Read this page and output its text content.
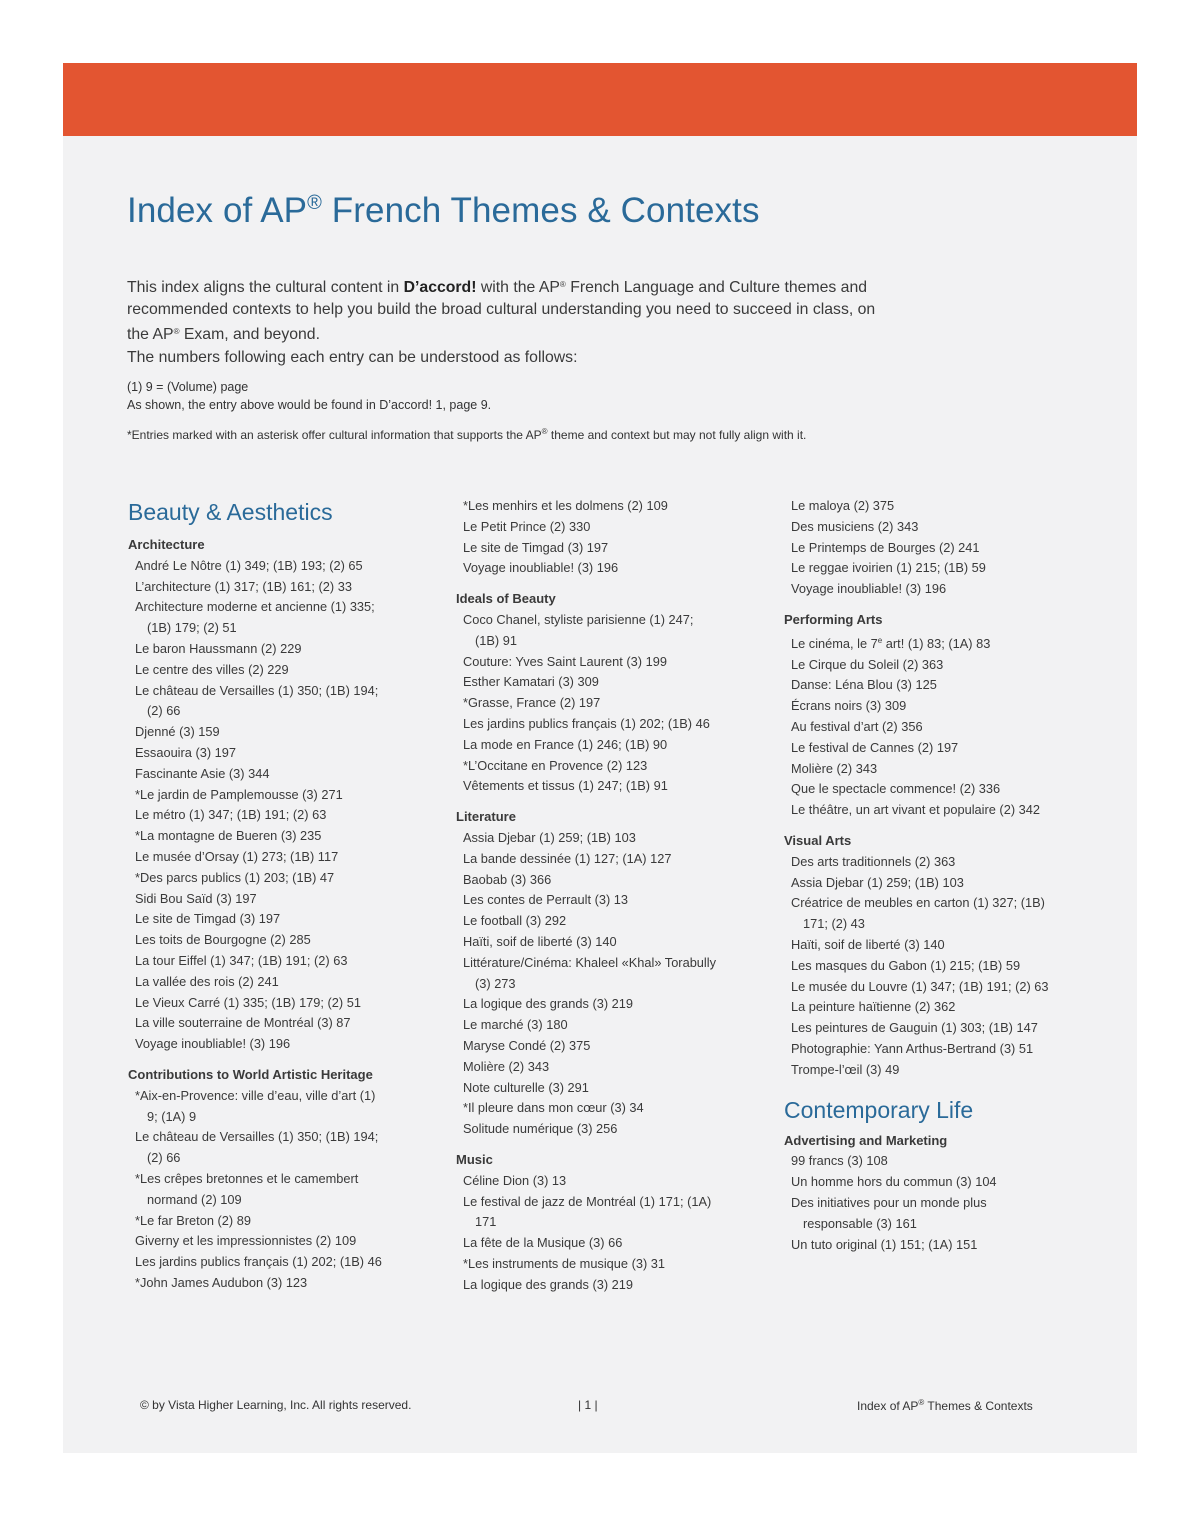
Index of AP® French Themes & Contexts

This index aligns the cultural content in D’accord! with the AP® French Language and Culture themes and
recommended contexts to help you build the broad cultural understanding you need to succeed in class, on
the AP® Exam, and beyond.

The numbers following each entry can be understood as follows:
(1) 9 = (Volume) page
As shown, the entry above would be found in D’accord! 1, page 9.
*Entries marked with an asterisk offer cultural information that supports the AP® theme and context but may not fully align with it.
Beauty & Aesthetics
Architecture
André Le Nôtre (1) 349; (1B) 193; (2) 65
L’architecture (1) 317; (1B) 161; (2) 33
Architecture moderne et ancienne (1) 335;
(1B) 179; (2) 51
Le baron Haussmann (2) 229
Le centre des villes (2) 229
Le château de Versailles (1) 350; (1B) 194;
(2) 66
Djenné (3) 159
Essaouira (3) 197
Fascinante Asie (3) 344
*Le jardin de Pamplemousse (3) 271
Le métro (1) 347; (1B) 191; (2) 63
*La montagne de Bueren (3) 235
Le musée d’Orsay (1) 273; (1B) 117
*Des parcs publics (1) 203; (1B) 47
Sidi Bou Saïd (3) 197
Le site de Timgad (3) 197
Les toits de Bourgogne (2) 285
La tour Eiffel (1) 347; (1B) 191; (2) 63
La vallée des rois (2) 241
Le Vieux Carré (1) 335; (1B) 179; (2) 51
La ville souterraine de Montréal (3) 87
Voyage inoubliable! (3) 196
Contributions to World Artistic Heritage
*Aix-en-Provence: ville d’eau, ville d’art (1)
9; (1A) 9
Le château de Versailles (1) 350; (1B) 194;
(2) 66
*Les crêpes bretonnes et le camembert
normand (2) 109
*Le far Breton (2) 89
Giverny et les impressionnistes (2) 109
Les jardins publics français (1) 202; (1B) 46
*John James Audubon (3) 123
*Les menhirs et les dolmens (2) 109
Le Petit Prince (2) 330
Le site de Timgad (3) 197
Voyage inoubliable! (3) 196
Ideals of Beauty
Coco Chanel, styliste parisienne (1) 247;
(1B) 91
Couture: Yves Saint Laurent (3) 199
Esther Kamatari (3) 309
*Grasse, France (2) 197
Les jardins publics français (1) 202; (1B) 46
La mode en France (1) 246; (1B) 90
*L’Occitane en Provence (2) 123
Vêtements et tissus (1) 247; (1B) 91
Literature
Assia Djebar (1) 259; (1B) 103
La bande dessinée (1) 127; (1A) 127
Baobab (3) 366
Les contes de Perrault (3) 13
Le football (3) 292
Haïti, soif de liberté (3) 140
Littérature/Cinéma: Khaleel «Khal» Torabully
(3) 273
La logique des grands (3) 219
Le marché (3) 180
Maryse Condé (2) 375
Molière (2) 343
Note culturelle (3) 291
*Il pleure dans mon cœur (3) 34
Solitude numérique (3) 256
Music
Céline Dion (3) 13
Le festival de jazz de Montréal (1) 171; (1A)
171
La fête de la Musique (3) 66
*Les instruments de musique (3) 31
La logique des grands (3) 219
Le maloya (2) 375
Des musiciens (2) 343
Le Printemps de Bourges (2) 241
Le reggae ivoirien (1) 215; (1B) 59
Voyage inoubliable! (3) 196
Performing Arts
Le cinéma, le 7e art! (1) 83; (1A) 83
Le Cirque du Soleil (2) 363
Danse: Léna Blou (3) 125
Écrans noirs (3) 309
Au festival d’art (2) 356
Le festival de Cannes (2) 197
Molière (2) 343
Que le spectacle commence! (2) 336
Le théâtre, un art vivant et populaire (2) 342
Visual Arts
Des arts traditionnels (2) 363
Assia Djebar (1) 259; (1B) 103
Créatrice de meubles en carton (1) 327; (1B)
171; (2) 43
Haïti, soif de liberté (3) 140
Les masques du Gabon (1) 215; (1B) 59
Le musée du Louvre (1) 347; (1B) 191; (2) 63
La peinture haïtienne (2) 362
Les peintures de Gauguin (1) 303; (1B) 147
Photographie: Yann Arthus-Bertrand (3) 51
Trompe-l’œil (3) 49
Contemporary Life
Advertising and Marketing
99 francs (3) 108
Un homme hors du commun (3) 104
Des initiatives pour un monde plus
responsable (3) 161
Un tuto original (1) 151; (1A) 151
© by Vista Higher Learning, Inc. All rights reserved.	| 1 |	Index of AP® Themes & Contexts
